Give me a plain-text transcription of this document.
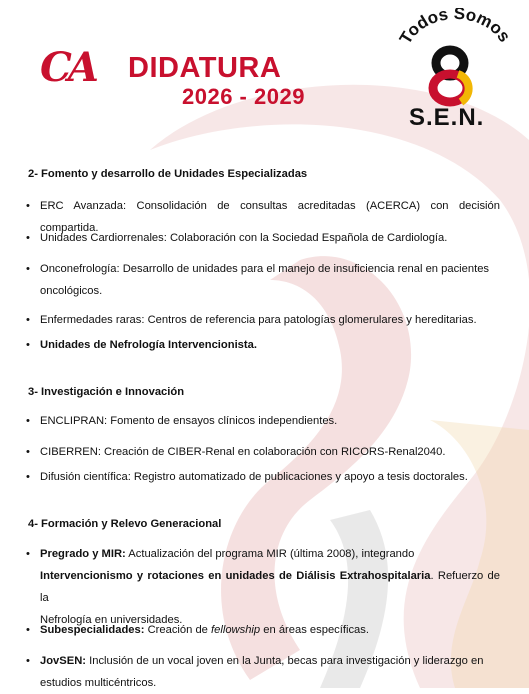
CA DIDATURA
2026 - 2029
Todos Somos
S.E.N.
2- Fomento y desarrollo de Unidades Especializadas
• ERC Avanzada: Consolidación de consultas acreditadas (ACERCA) con decisión compartida.

• Unidades Cardiorrenales: Colaboración con la Sociedad Española de Cardiología.

• Onconefrología: Desarrollo de unidades para el manejo de insuficiencia renal en pacientes
oncológicos.

• Enfermedades raras: Centros de referencia para patologías glomerulares y hereditarias.

• Unidades de Nefrología Intervencionista.

3- Investigación e Innovación
• ENCLIPRAN: Fomento de ensayos clínicos independientes.

• CIBERREN: Creación de CIBER-Renal en colaboración con RICORS-Renal2040.

• Difusión científica: Registro automatizado de publicaciones y apoyo a tesis doctorales.

4- Formación y Relevo Generacional
• Pregrado y MIR: Actualización del programa MIR (última 2008), integrando
Intervencionismo y rotaciones en unidades de Diálisis Extrahospitalaria. Refuerzo de la
Nefrología en universidades.

• Subespecialidades: Creación de fellowship en áreas específicas.

• JovSEN: Inclusión de un vocal joven en la Junta, becas para investigación y liderazgo en
estudios multicéntricos.
